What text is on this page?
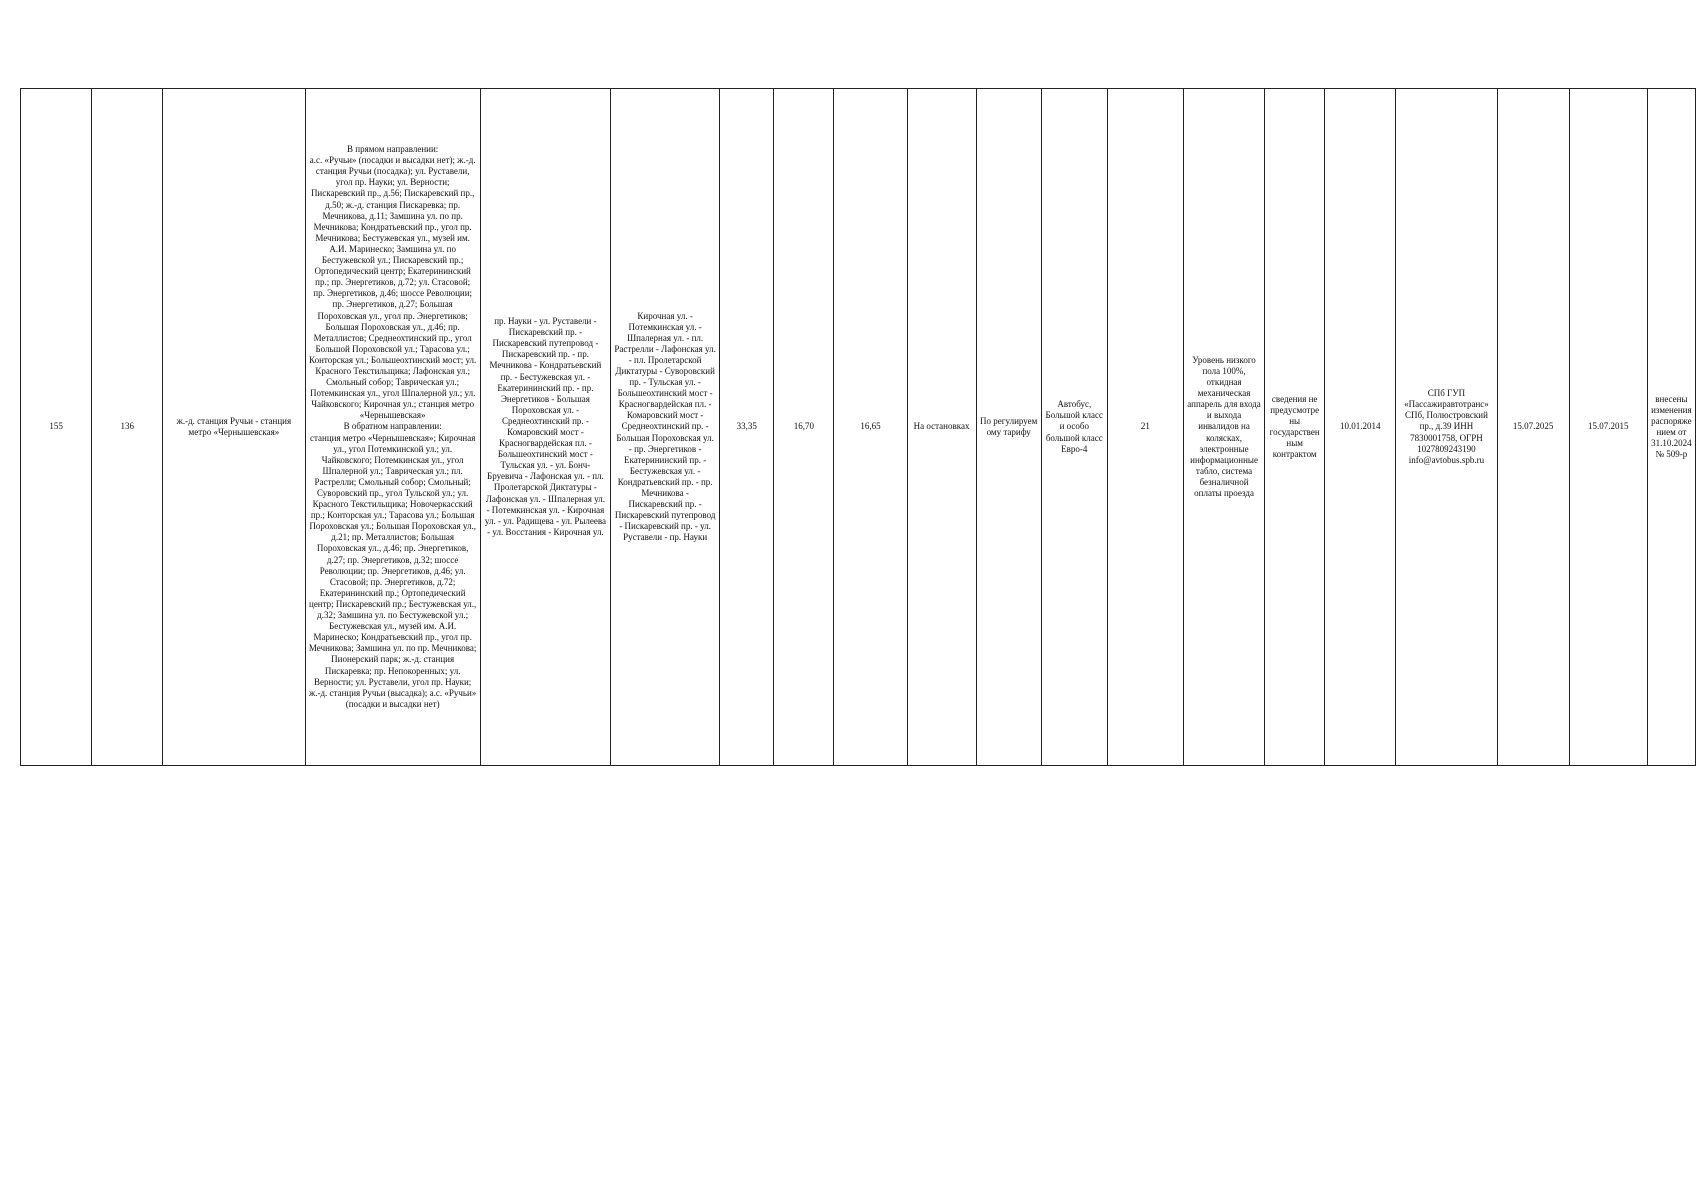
155	136	ж.-д. станция Ручьи - станция метро «Чернышевская»	
В прямом направлении:
а.с. «Ручьи» (посадки и высадки нет); ж.-д. станция Ручьи (посадка); ул. Руставели, угол пр. Науки; ул. Верности; Пискаревский пр., д.56; Пискаревский пр., д.50; ж.-д. станция Пискаревка; пр. Мечникова, д.11; Замшина ул. по пр. Мечникова; Кондратьевский пр., угол пр. Мечникова; Бестужевская ул., музей им. А.И. Маринеско; Замшина ул. по Бестужевской ул.; Пискаревский пр.; Ортопедический центр; Екатерининский пр.; пр. Энергетиков, д.72; ул. Стасовой; пр. Энергетиков, д.46; шоссе Революции; пр. Энергетиков, д.27; Большая Пороховская ул., угол пр. Энергетиков; Большая Пороховская ул., д.46; пр. Металлистов; Среднеохтинский пр., угол Большой Пороховской ул.; Тарасова ул.; Конторская ул.; Большеохтинский мост; ул. Красного Текстильщика; Лафонская ул.; Смольный собор; Таврическая ул.; Потемкинская ул., угол Шпалерной ул.; ул. Чайковского; Кирочная ул.; станция метро «Чернышевская»
В обратном направлении:
станция метро «Чернышевская»; Кирочная ул., угол Потемкинской ул.; ул. Чайковского; Потемкинская ул., угол Шпалерной ул.; Таврическая ул.; пл. Растрелли; Смольный собор; Смольный; Суворовский пр., угол Тульской ул.; ул. Красного Текстильщика; Новочеркасский пр.; Конторская ул.; Тарасова ул.; Большая Пороховская ул.; Большая Пороховская ул., д.21; пр. Металлистов; Большая Пороховская ул., д.46; пр. Энергетиков, д.27; пр. Энергетиков, д.32; шоссе Революции; пр. Энергетиков, д.46; ул. Стасовой; пр. Энергетиков, д.72; Екатерининский пр.; Ортопедический центр; Пискаревский пр.; Бестужевская ул., д.32; Замшина ул. по Бестужевской ул.; Бестужевская ул., музей им. А.И. Маринеско; Кондратьевский пр., угол пр. Мечникова; Замшина ул. по пр. Мечникова; Пионерский парк; ж.-д. станция Пискаревка; пр. Непокоренных; ул. Верности; ул. Руставели, угол пр. Науки; ж.-д. станция Ручьи (высадка); а.с. «Ручьи» (посадки и высадки нет)
	пр. Науки - ул. Руставели - Пискаревский пр. - Пискаревский путепровод - Пискаревский пр. - пр. Мечникова - Кондратьевский пр. - Бестужевская ул. - Екатерининский пр. - пр. Энергетиков - Большая Пороховская ул. - Среднеохтинский пр. - Комаровский мост - Красногвардейская пл. - Большеохтинский мост - Тульская ул. - ул. Бонч-Бруевича - Лафонская ул. - пл. Пролетарской Диктатуры - Лафонская ул. - Шпалерная ул. - Потемкинская ул. - Кирочная ул. - ул. Радищева - ул. Рылеева - ул. Восстания - Кирочная ул.	Кирочная ул. - Потемкинская ул. - Шпалерная ул. - пл. Растрелли - Лафонская ул. - пл. Пролетарской Диктатуры - Суворовский пр. - Тульская ул. - Большеохтинский мост - Красногвардейская пл. - Комаровский мост - Среднеохтинский пр. - Большая Пороховская ул. - пр. Энергетиков - Екатерининский пр. - Бестужевская ул. - Кондратьевский пр. - пр. Мечникова - Пискаревский пр. - Пискаревский путепровод - Пискаревский пр. - ул. Руставели - пр. Науки	33,35	16,70	16,65	На остановках	По регулируем ому тарифу	Автобус, Большой класс и особо большой класс Евро-4	21	Уровень низкого пола 100%, откидная механическая аппарель для входа и выхода инвалидов на колясках, электронные информационные табло, система безналичной оплаты проезда	сведения не предусмотрены государственным контрактом	10.01.2014	СПб ГУП «Пассажиравтотранс» СПб, Полюстровский пр., д.39 ИНН 7830001758, ОГРН 1027809243190 info@avtobus.spb.ru	15.07.2025	15.07.2015	внесены изменения распоряжением от 31.10.2024 № 509-р
